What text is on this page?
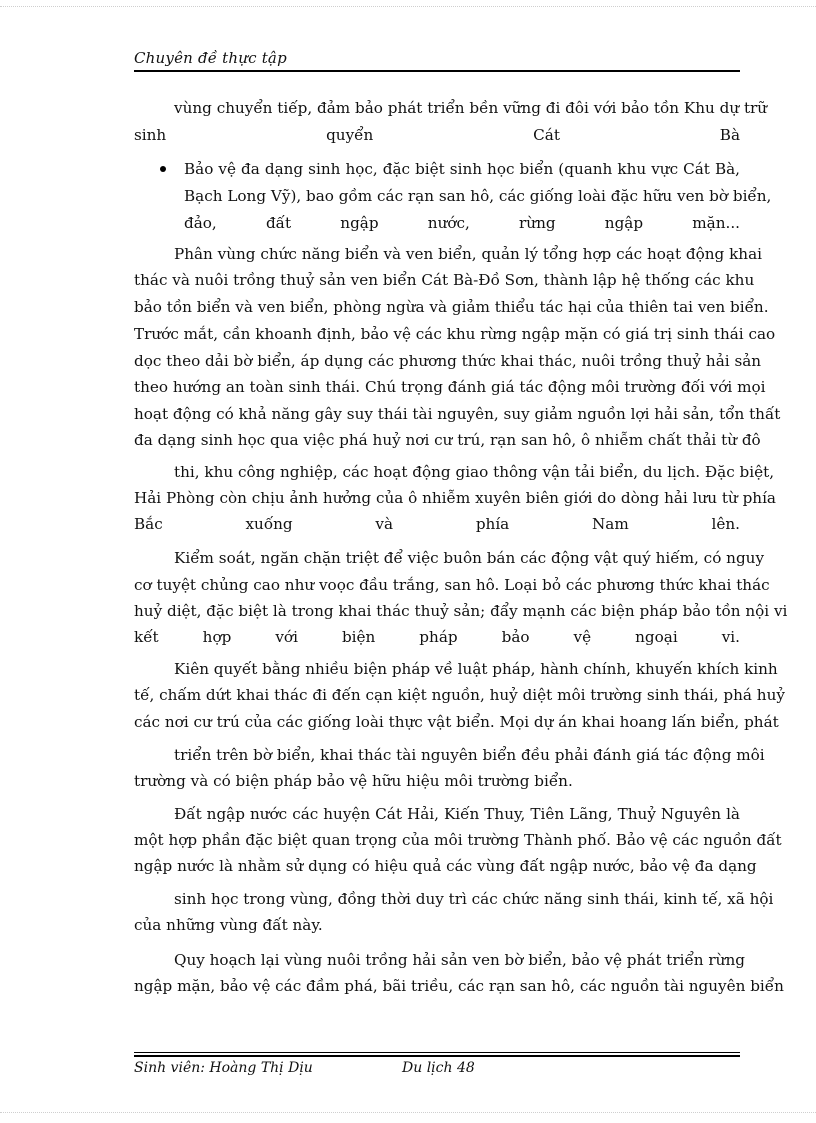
Chuyên đề thực tập
vùng chuyển tiếp, đảm bảo phát triển bền vững đi đôi với bảo tồn Khu dự trữ
sinh quyển Cát Bà
Bảo vệ đa dạng sinh học, đặc biệt sinh học biển (quanh khu vực Cát Bà,
Bạch Long Vỹ), bao gồm các rạn san hô, các giống loài đặc hữu ven bờ biển,
đảo, đất ngập nước, rừng ngập mặn...
Phân vùng chức năng biển và ven biển, quản lý tổng hợp các hoạt động khai
thác và nuôi trồng thuỷ sản ven biển Cát Bà-Đồ Sơn, thành lập hệ thống các khu
bảo tồn biển và ven biển, phòng ngừa và giảm thiểu tác hại của thiên tai ven biển.
Trước mắt, cần khoanh định, bảo vệ các khu rừng ngập mặn có giá trị sinh thái cao
dọc theo dải bờ biển, áp dụng các phương thức khai thác, nuôi trồng thuỷ hải sản
theo hướng an toàn sinh thái. Chú trọng đánh giá tác động môi trường đối với mọi
hoạt động có khả năng gây suy thái tài nguyên, suy giảm nguồn lợi hải sản, tổn thất
đa dạng sinh học qua việc phá huỷ nơi cư trú, rạn san hô, ô nhiễm chất thải từ đô
thi, khu công nghiệp, các hoạt động giao thông vận tải biển, du lịch. Đặc biệt,
Hải Phòng còn chịu ảnh hưởng của ô nhiễm xuyên biên giới do dòng hải lưu từ phía
Bắc xuống và phía Nam lên.
Kiểm soát, ngăn chặn triệt để việc buôn bán các động vật quý hiếm, có nguy
cơ tuyệt chủng cao như voọc đầu trắng, san hô. Loại bỏ các phương thức khai thác
huỷ diệt, đặc biệt là trong khai thác thuỷ sản; đẩy mạnh các biện pháp bảo tồn nội vi
kết hợp với biện pháp bảo vệ ngoại vi.
Kiên quyết bằng nhiều biện pháp về luật pháp, hành chính, khuyến khích kinh
tế, chấm dứt khai thác đi đến cạn kiệt nguồn, huỷ diệt môi trường sinh thái, phá huỷ
các nơi cư trú của các giống loài thực vật biển. Mọi dự án khai hoang lấn biển, phát
triển trên bờ biển, khai thác tài nguyên biển đều phải đánh giá tác động môi
trường và có biện pháp bảo vệ hữu hiệu môi trường biển.
Đất ngập nước các huyện Cát Hải, Kiến Thuy, Tiên Lãng, Thuỷ Nguyên là
một hợp phần đặc biệt quan trọng của môi trường Thành phố. Bảo vệ các nguồn đất
ngập nước là nhằm sử dụng có hiệu quả các vùng đất ngập nước, bảo vệ đa dạng
sinh học trong vùng, đồng thời duy trì các chức năng sinh thái, kinh tế, xã hội
của những vùng đất này.
Quy hoạch lại vùng nuôi trồng hải sản ven bờ biển, bảo vệ phát triển rừng
ngập mặn, bảo vệ các đầm phá, bãi triều, các rạn san hô, các nguồn tài nguyên biển
Sinh viên: Hoàng Thị Dịu	Du lịch 48
